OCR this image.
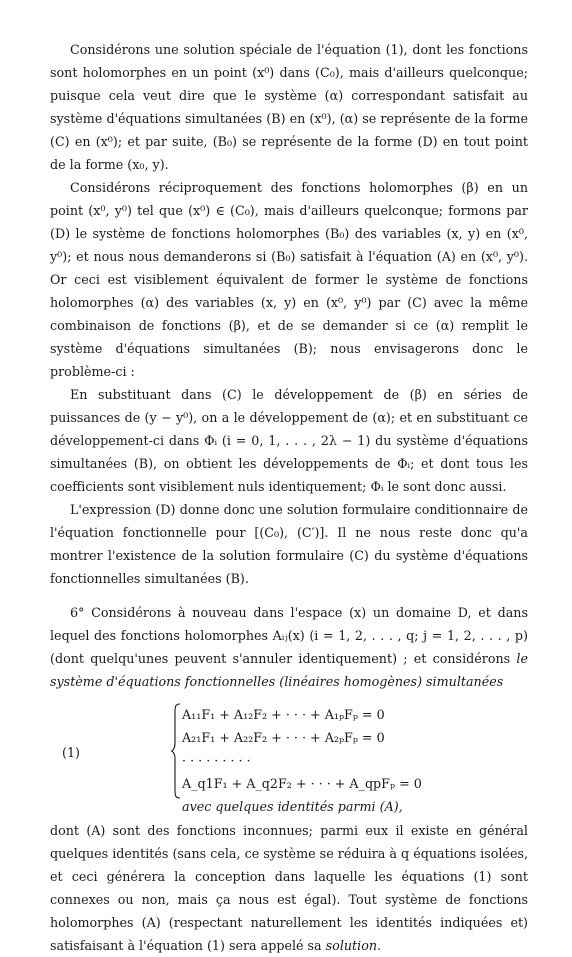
Considérons une solution spéciale de l'équation (1), dont les fonctions sont holomorphes en un point (x⁰) dans (C₀), mais d'ailleurs quelconque; puisque cela veut dire que le système (α) correspondant satisfait au système d'équations simultanées (B) en (x⁰), (α) se représente de la forme (C) en (x⁰); et par suite, (B₀) se représente de la forme (D) en tout point de la forme (x₀, y).

Considérons réciproquement des fonctions holomorphes (β) en un point (x⁰, y⁰) tel que (x⁰) ∈ (C₀), mais d'ailleurs quelconque; formons par (D) le système de fonctions holomorphes (B₀) des variables (x, y) en (x⁰, y⁰); et nous nous demanderons si (B₀) satisfait à l'équation (A) en (x⁰, y⁰). Or ceci est visiblement équivalent de former le système de fonctions holomorphes (α) des variables (x, y) en (x⁰, y⁰) par (C) avec la même combinaison de fonctions (β), et de se demander si ce (α) remplit le système d'équations simultanées (B); nous envisagerons donc le problème-ci :

En substituant dans (C) le développement de (β) en séries de puissances de (y − y⁰), on a le développement de (α); et en substituant ce développement-ci dans Φᵢ (i = 0, 1, . . . , 2λ − 1) du système d'équations simultanées (B), on obtient les développements de Φᵢ; et dont tous les coefficients sont visiblement nuls identiquement; Φᵢ le sont donc aussi.

L'expression (D) donne donc une solution formulaire conditionnaire de l'équation fonctionnelle pour [(C₀), (C′)]. Il ne nous reste donc qu'a montrer l'existence de la solution formulaire (C) du système d'équations fonctionnelles simultanées (B).

6° Considérons à nouveau dans l'espace (x) un domaine D, et dans lequel des fonctions holomorphes Aᵢⱼ(x) (i = 1, 2, . . . , q; j = 1, 2, . . . , p) (dont quelqu'unes peuvent s'annuler identiquement) ; et considérons le système d'équations fonctionnelles (linéaires homogènes) simultanées

(1)
A₁₁F₁ + A₁₂F₂ + · · · + A₁ₚFₚ = 0
A₂₁F₁ + A₂₂F₂ + · · · + A₂ₚFₚ = 0
· · · · · · · · ·
A_q1F₁ + A_q2F₂ + · · · + A_qpFₚ = 0
avec quelques identités parmi (A),

dont (A) sont des fonctions inconnues; parmi eux il existe en général quelques identités (sans cela, ce système se réduira à q équations isolées, et ceci générera la conception dans laquelle les équations (1) sont connexes ou non, mais ça nous est égal). Tout système de fonctions holomorphes (A) (respectant naturellement les identités indiquées et) satisfaisant à l'équation (1) sera appelé sa solution.
